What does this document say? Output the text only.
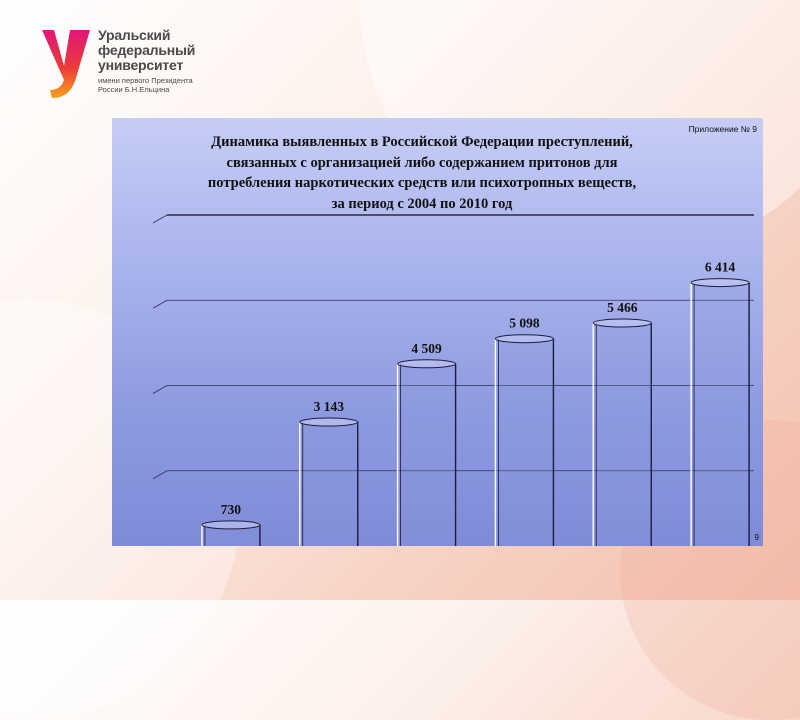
Уральский
федеральный
университет
имени первого Президента
России Б.Н.Ельцина
730
3 143
4 509
5 098
5 466
6 414
Приложение № 9
Динамика выявленных в Российской Федерации преступлений,
связанных с организацией либо содержанием притонов для
потребления наркотических средств или психотропных веществ,
за период с 2004 по 2010 год
9
